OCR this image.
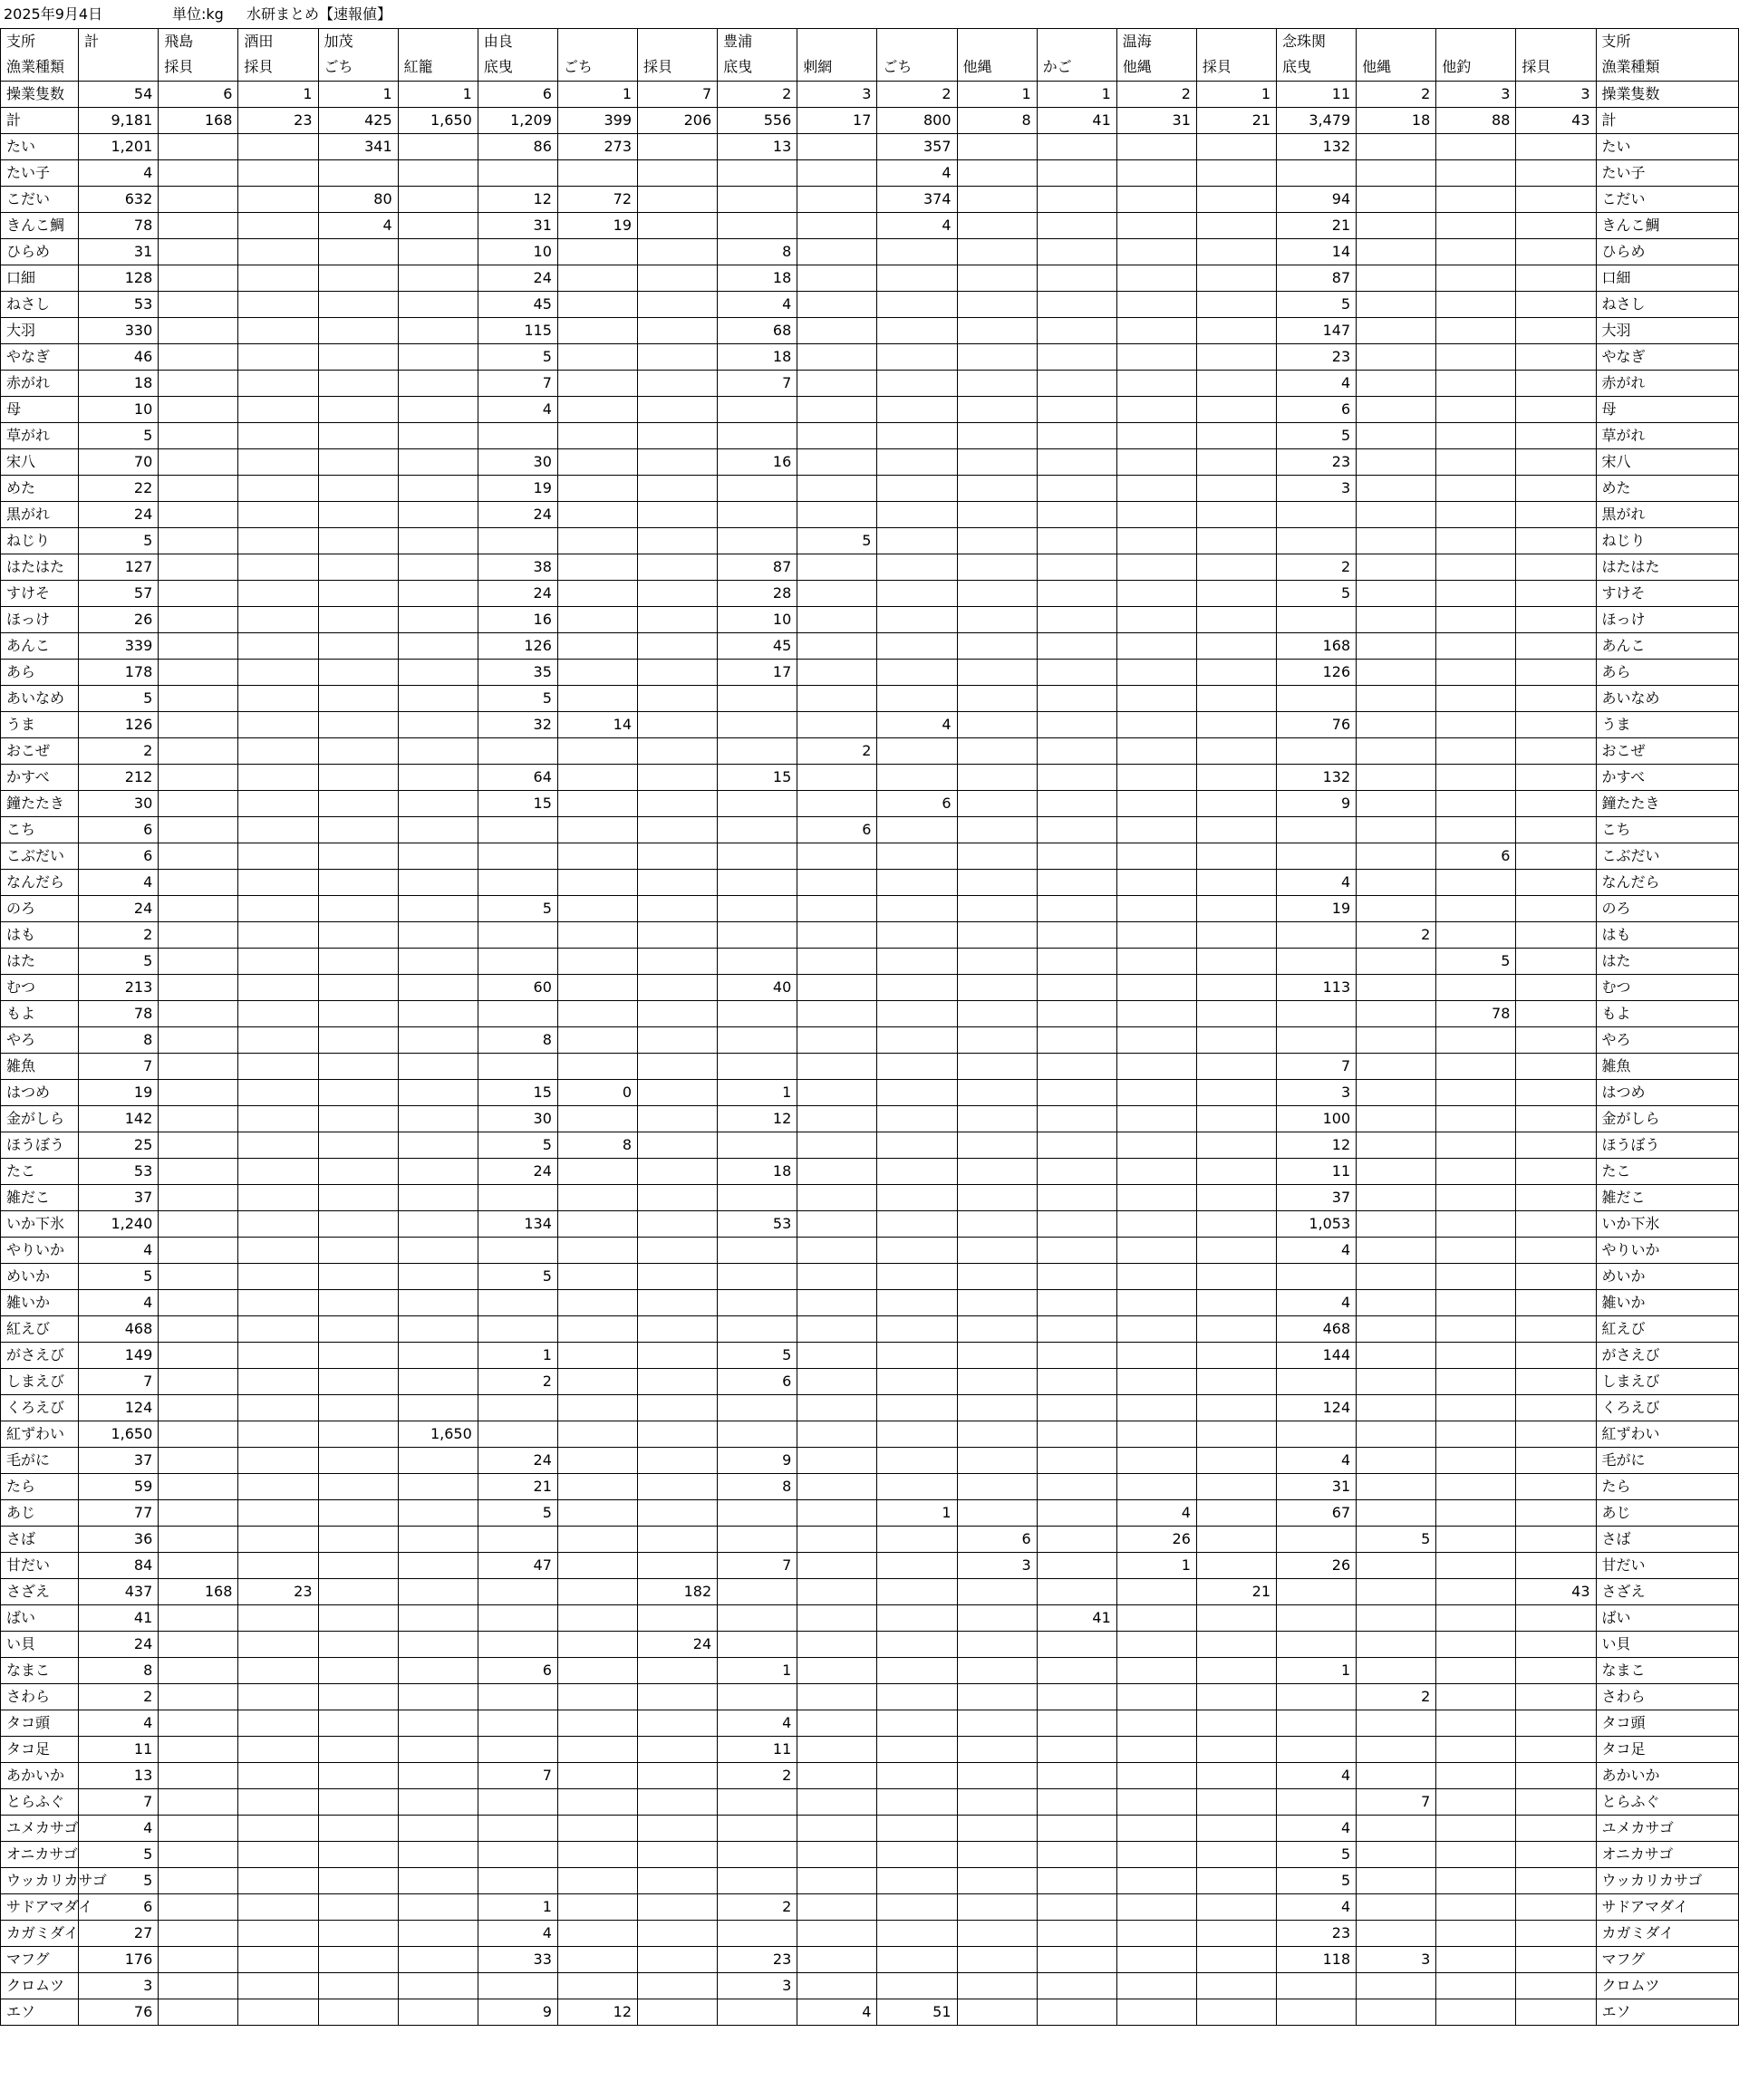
2025年9月4日	単位:kg 水研まとめ【速報値】
支所	計	飛島	酒田	加茂		由良			豊浦					温海		念珠関				支所
漁業種類		採貝	採貝	ごち	紅籠	底曳	ごち	採貝	底曳	刺網	ごち	他縄	かご	他縄	採貝	底曳	他縄	他釣	採貝	漁業種類
操業隻数	54	6	1	1	1	6	1	7	2	3	2	1	1	2	1	11	2	3	3	操業隻数
計	9,181	168	23	425	1,650	1,209	399	206	556	17	800	8	41	31	21	3,479	18	88	43	計
たい	1,201			341		86	273		13		357					132				たい
たい子	4										4									たい子
こだい	632			80		12	72				374					94				こだい
きんこ鯛	78			4		31	19				4					21				きんこ鯛
ひらめ	31					10			8							14				ひらめ
口細	128					24			18							87				口細
ねさし	53					45			4							5				ねさし
大羽	330					115			68							147				大羽
やなぎ	46					5			18							23				やなぎ
赤がれ	18					7			7							4				赤がれ
母	10					4										6				母
草がれ	5															5				草がれ
宋八	70					30			16							23				宋八
めた	22					19										3				めた
黒がれ	24					24														黒がれ
ねじり	5									5										ねじり
はたはた	127					38			87							2				はたはた
すけそ	57					24			28							5				すけそ
ほっけ	26					16			10											ほっけ
あんこ	339					126			45							168				あんこ
あら	178					35			17							126				あら
あいなめ	5					5														あいなめ
うま	126					32	14				4					76				うま
おこぜ	2									2										おこぜ
かすべ	212					64			15							132				かすべ
鐘たたき	30					15					6					9				鐘たたき
こち	6									6										こち
こぶだい	6																	6		こぶだい
なんだら	4															4				なんだら
のろ	24					5										19				のろ
はも	2																2			はも
はた	5																	5		はた
むつ	213					60			40							113				むつ
もよ	78																	78		もよ
やろ	8					8														やろ
雑魚	7															7				雑魚
はつめ	19					15	0		1							3				はつめ
金がしら	142					30			12							100				金がしら
ほうぼう	25					5	8									12				ほうぼう
たこ	53					24			18							11				たこ
雑だこ	37															37				雑だこ
いか下氷	1,240					134			53							1,053				いか下氷
やりいか	4															4				やりいか
めいか	5					5														めいか
雑いか	4															4				雑いか
紅えび	468															468				紅えび
がさえび	149					1			5							144				がさえび
しまえび	7					2			6											しまえび
くろえび	124															124				くろえび
紅ずわい	1,650				1,650															紅ずわい
毛がに	37					24			9							4				毛がに
たら	59					21			8							31				たら
あじ	77					5					1			4		67				あじ
さば	36											6		26			5			さば
甘だい	84					47			7			3		1		26				甘だい
さざえ	437	168	23					182							21				43	さざえ
ばい	41												41							ばい
い貝	24							24												い貝
なまこ	8					6			1							1				なまこ
さわら	2																2			さわら
タコ頭	4								4											タコ頭
タコ足	11								11											タコ足
あかいか	13					7			2							4				あかいか
とらふぐ	7																7			とらふぐ
ユメカサゴ	4															4				ユメカサゴ
オニカサゴ	5															5				オニカサゴ
ウッカリカサゴ	5															5				ウッカリカサゴ
サドアマダイ	6					1			2							4				サドアマダイ
カガミダイ	27					4										23				カガミダイ
マフグ	176					33			23							118	3			マフグ
クロムツ	3								3											クロムツ
エソ	76					9	12			4	51									エソ
